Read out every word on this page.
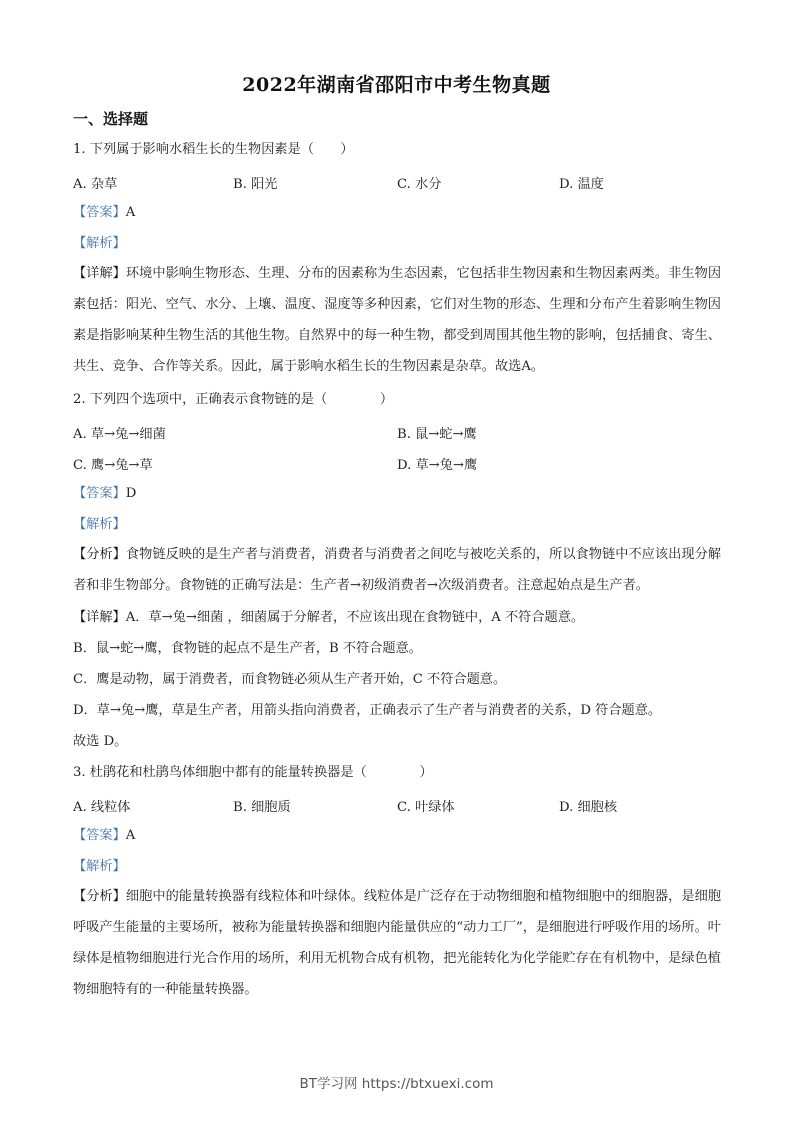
2022年湖南省邵阳市中考生物真题
一、选择题
1. 下列属于影响水稻生长的生物因素是（　　）
A. 杂草	B. 阳光	C. 水分	D. 温度
【答案】A
【解析】
【详解】环境中影响生物形态、生理、分布的因素称为生态因素，它包括非生物因素和生物因素两类。非生物因素包括：阳光、空气、水分、上壤、温度、湿度等多种因素，它们对生物的形态、生理和分布产生着影响生物因素是指影响某种生物生活的其他生物。自然界中的每一种生物，都受到周围其他生物的影响，包括捕食、寄生、共生、竞争、合作等关系。因此，属于影响水稻生长的生物因素是杂草。故选A。
2. 下列四个选项中，正确表示食物链的是（　　　　）
A. 草→兔→细菌	B. 鼠→蛇→鹰
C. 鹰→兔→草	D. 草→兔→鹰
【答案】D
【解析】
【分析】食物链反映的是生产者与消费者，消费者与消费者之间吃与被吃关系的，所以食物链中不应该出现分解者和非生物部分。食物链的正确写法是：生产者→初级消费者→次级消费者。注意起始点是生产者。
【详解】A．草→兔→细菌 ，细菌属于分解者，不应该出现在食物链中，A 不符合题意。
B．鼠→蛇→鹰，食物链的起点不是生产者，B 不符合题意。
C．鹰是动物，属于消费者，而食物链必须从生产者开始，C 不符合题意。
D．草→兔→鹰，草是生产者，用箭头指向消费者，正确表示了生产者与消费者的关系，D 符合题意。
故选 D。
3. 杜鹃花和杜鹃鸟体细胞中都有的能量转换器是（　　　　）
A. 线粒体	B. 细胞质	C. 叶绿体	D. 细胞核
【答案】A
【解析】
【分析】细胞中的能量转换器有线粒体和叶绿体。线粒体是广泛存在于动物细胞和植物细胞中的细胞器，是细胞呼吸产生能量的主要场所，被称为能量转换器和细胞内能量供应的“动力工厂”，是细胞进行呼吸作用的场所。叶绿体是植物细胞进行光合作用的场所，利用无机物合成有机物，把光能转化为化学能贮存在有机物中，是绿色植物细胞特有的一种能量转换器。
BT学习网 https://btxuexi.com
